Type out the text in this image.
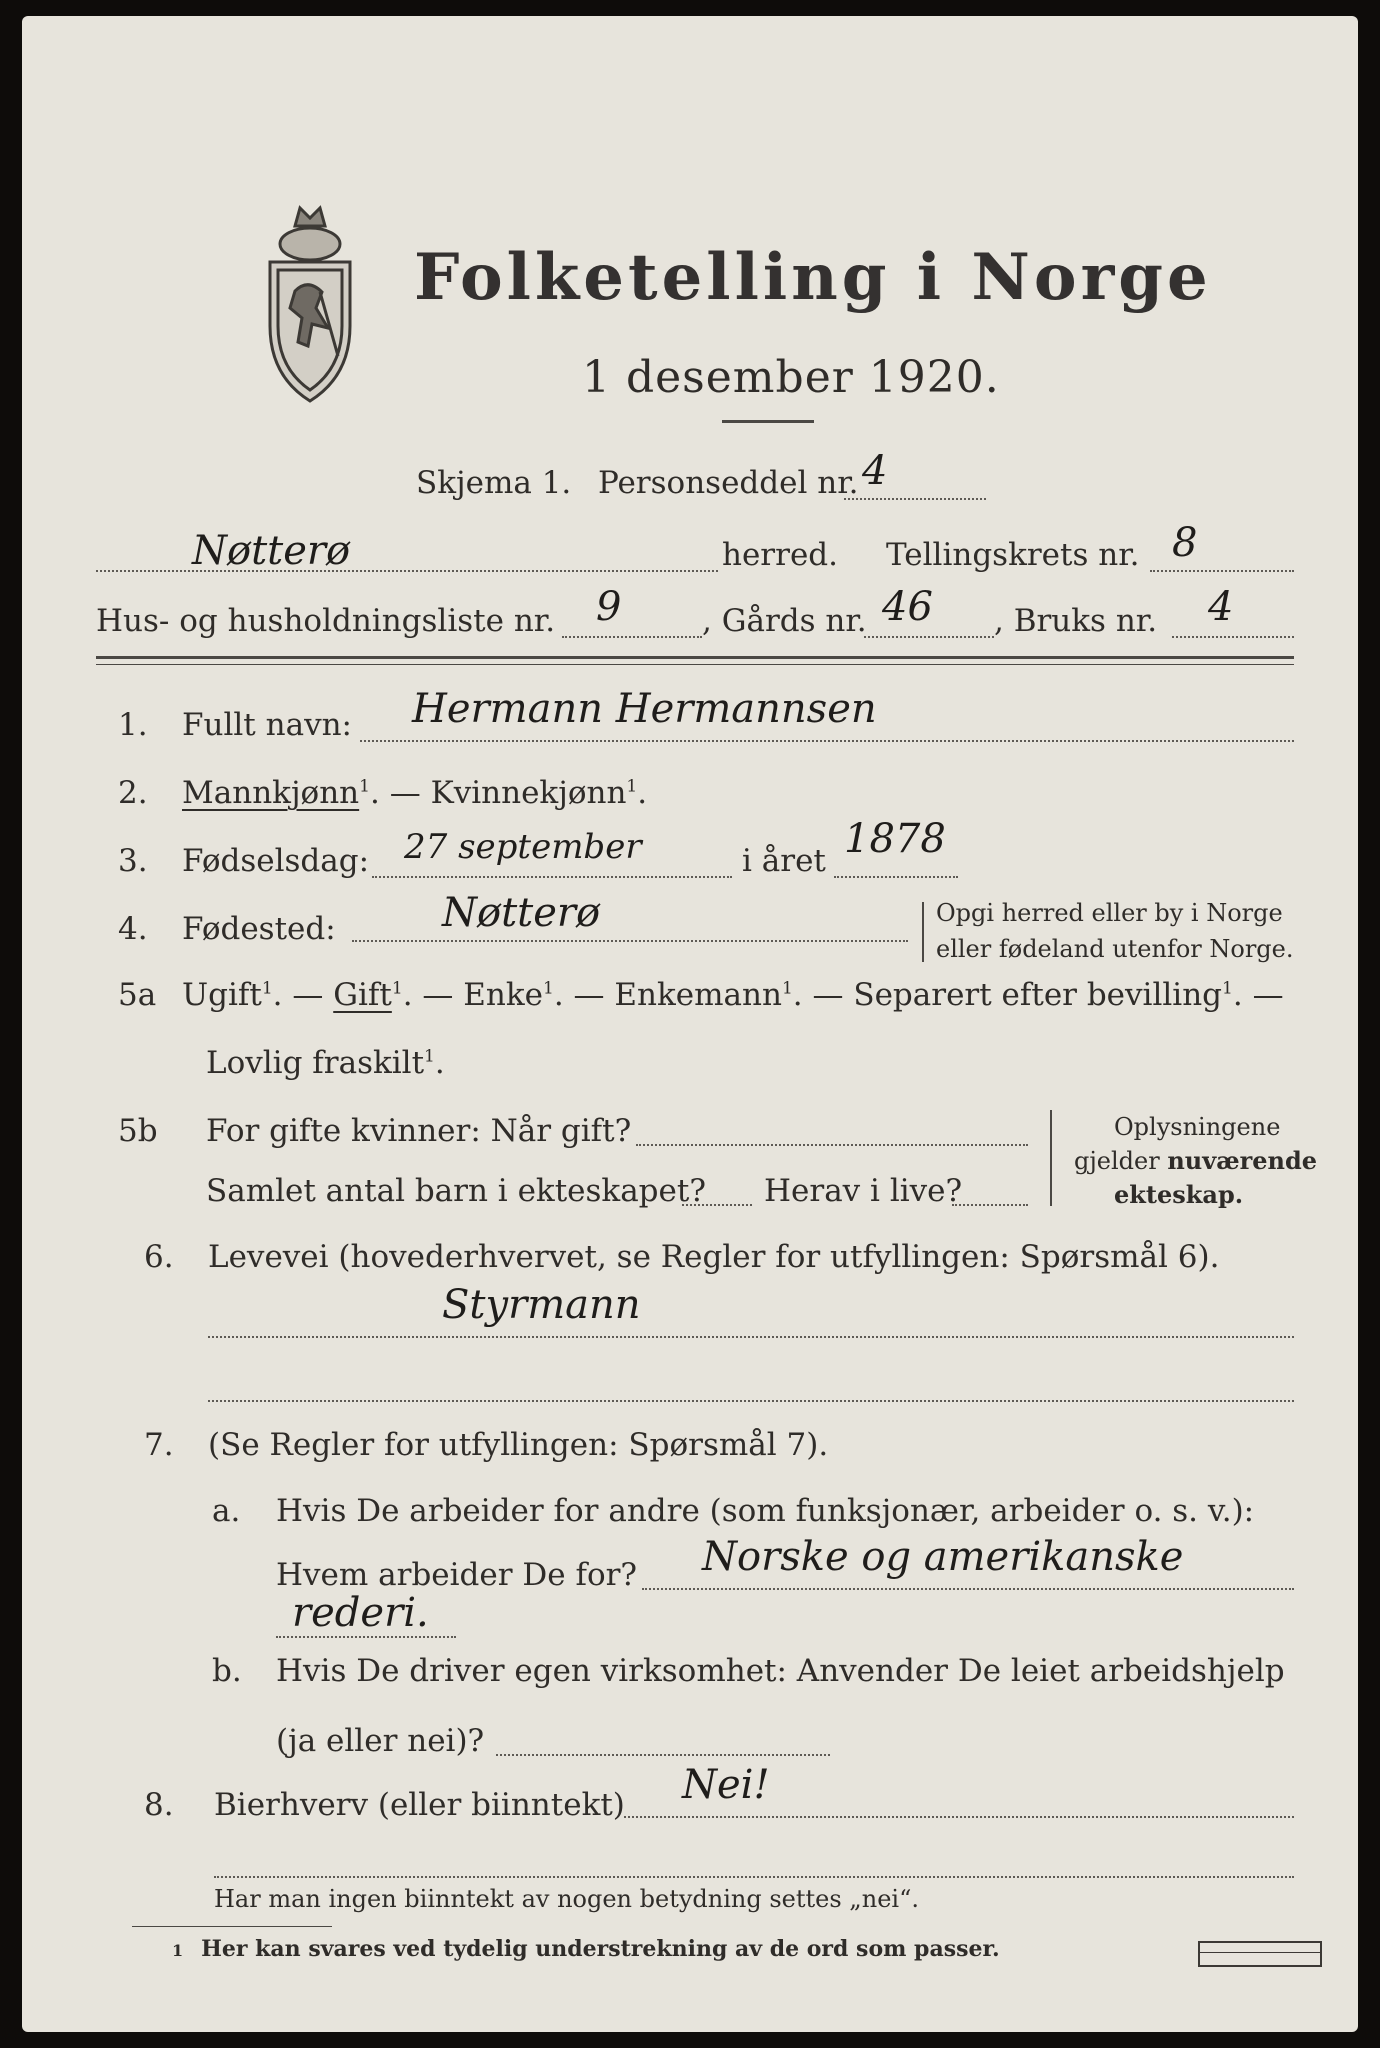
Folketelling i Norge
1 desember 1920.
Skjema 1. Personseddel nr. 4
Nøtterø	herred. Tellingskrets nr. 8
Hus- og husholdningsliste nr. 9	, Gårds nr. 46 , Bruks nr. 4
1. Fullt navn: Hermann Hermannsen
2. Mannkjønn$^1$. — Kvinnekjønn$^1$.
3. Fødselsdag: 27 september	i året 1878
4. Fødested:	Nøtterø	Opgi herred eller by i Norge
eller fødeland utenfor Norge.
5a Ugift$^1$. — Gift$^1$. — Enke$^1$. — Enkemann$^1$. — Separert efter bevilling$^1$. —
Lovlig fraskilt$^1$.
5b For gifte kvinner: Når gift?
Samlet antal barn i ekteskapet? Herav i live?
Oplysningene
gjelder nuværende
ekteskap.
6. Levevei (hovederhvervet, se Regler for utfyllingen: Spørsmål 6).
Styrmann
7. (Se Regler for utfyllingen: Spørsmål 7).
a. Hvis De arbeider for andre (som funksjonær, arbeider o. s. v.):
Hvem arbeider De for? Norske og amerikanske
rederi.
b. Hvis De driver egen virksomhet: Anvender De leiet arbeidshjelp
(ja eller nei)?
8. Bierhverv (eller biinntekt) Nei!
Har man ingen biinntekt av nogen betydning settes „nei“.
1 Her kan svares ved tydelig understrekning av de ord som passer.
